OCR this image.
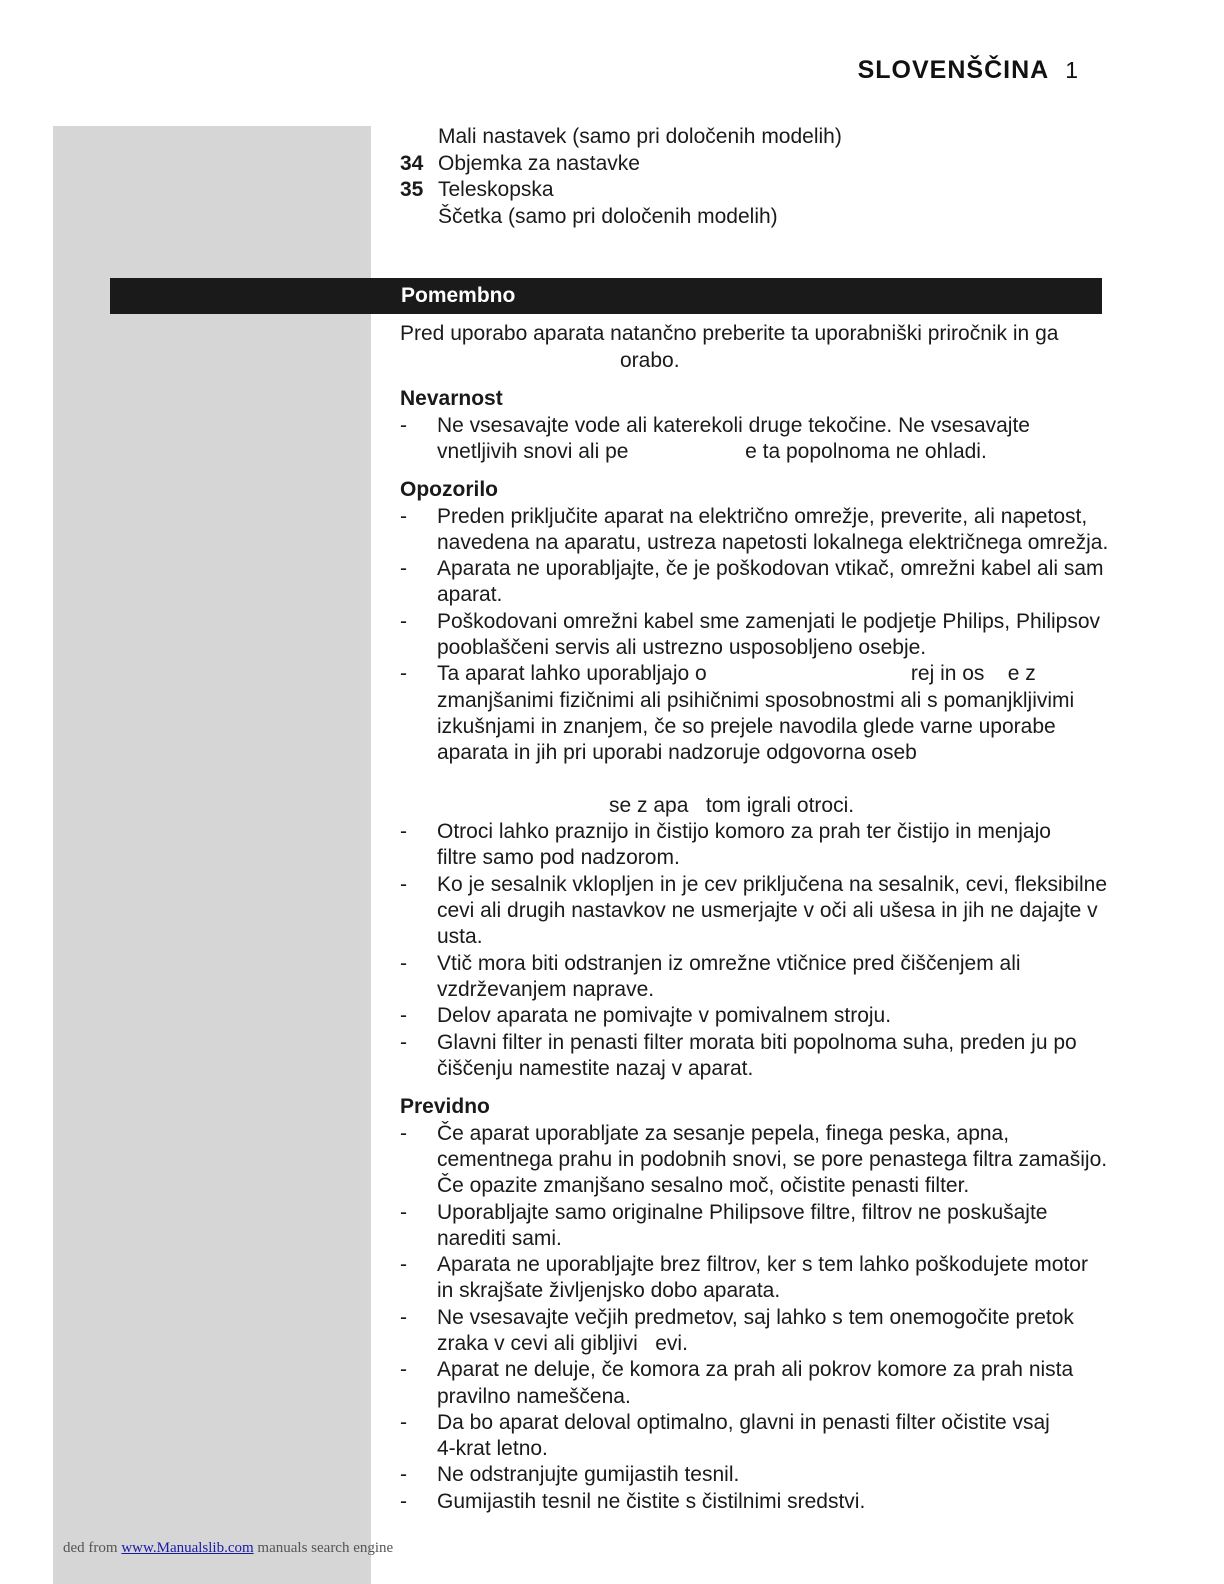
SLOVENŠČINA 1
Mali nastavek (samo pri določenih modelih)
34 Objemka za nastavke
35 Teleskopska
Ščetka (samo pri določenih modelih)
Pomembno

Pred uporabo aparata natančno preberite ta uporabniški priročnik in ga
orabo.

Nevarnost
-	Ne vsesavajte vode ali katerekoli druge tekočine. Ne vsesavajte
vnetljivih snovi ali pe                    e ta popolnoma ne ohladi.
Opozorilo
-	Preden priključite aparat na električno omrežje, preverite, ali napetost,
navedena na aparatu, ustreza napetosti lokalnega električnega omrežja.
-	Aparata ne uporabljajte, če je poškodovan vtikač, omrežni kabel ali sam
aparat.
-	Poškodovani omrežni kabel sme zamenjati le podjetje Philips, Philipsov
pooblaščeni servis ali ustrezno usposobljeno osebje.
-	Ta aparat lahko uporabljajo o                                   rej in os    e z
zmanjšanimi fizičnimi ali psihičnimi sposobnostmi ali s pomanjkljivimi
izkušnjami in znanjem, če so prejele navodila glede varne uporabe
aparata in jih pri uporabi nadzoruje odgovorna oseb
se z apa   tom igrali otroci.
-	Otroci lahko praznijo in čistijo komoro za prah ter čistijo in menjajo
filtre samo pod nadzorom.
-	Ko je sesalnik vklopljen in je cev priključena na sesalnik, cevi, fleksibilne
cevi ali drugih nastavkov ne usmerjajte v oči ali ušesa in jih ne dajajte v
usta.
-	Vtič mora biti odstranjen iz omrežne vtičnice pred čiščenjem ali
vzdrževanjem naprave.
-	Delov aparata ne pomivajte v pomivalnem stroju.
-	Glavni filter in penasti filter morata biti popolnoma suha, preden ju po
čiščenju namestite nazaj v aparat.
Previdno
-	Če aparat uporabljate za sesanje pepela, finega peska, apna,
cementnega prahu in podobnih snovi, se pore penastega filtra zamašijo.
Če opazite zmanjšano sesalno moč, očistite penasti filter.
-	Uporabljajte samo originalne Philipsove filtre, filtrov ne poskušajte
narediti sami.
-	Aparata ne uporabljajte brez filtrov, ker s tem lahko poškodujete motor
in skrajšate življenjsko dobo aparata.
-	Ne vsesavajte večjih predmetov, saj lahko s tem onemogočite pretok
zraka v cevi ali gibljivi   evi.
-	Aparat ne deluje, če komora za prah ali pokrov komore za prah nista
pravilno nameščena.
-	Da bo aparat deloval optimalno, glavni in penasti filter očistite vsaj
4-krat letno.
-	Ne odstranjujte gumijastih tesnil.
-	Gumijastih tesnil ne čistite s čistilnimi sredstvi.
ded from www.Manualslib.com manuals search engine
